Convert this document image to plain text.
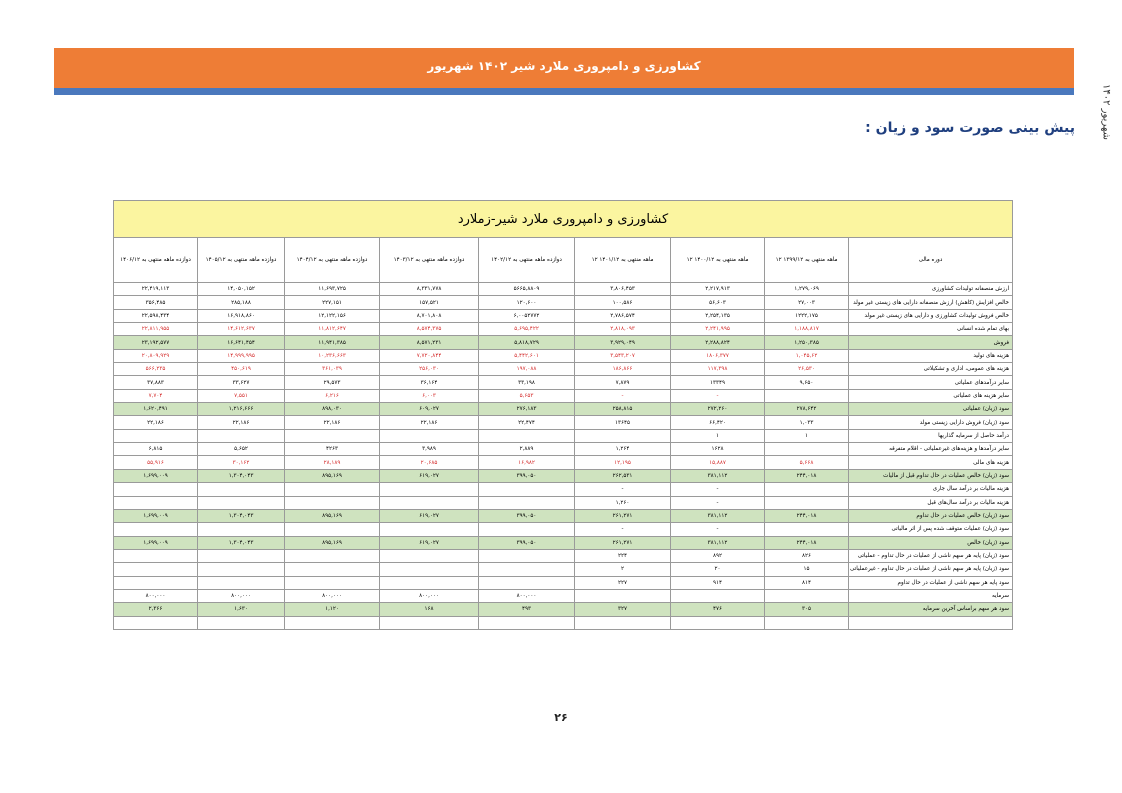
کشاورزی و دامپروری ملارد شیر ۱۴۰۲ شهریور
شهریور ۱۴۰۲
پیش بینی صورت سود و زیان :
کشاورزی و دامپروری ملارد شیر-زملارد								
دوره مالی	ماهه منتهی به ۱۳۹۹/۱۲ ۱۲	ماهه منتهی به ۱۴۰۰/۱۲ ۱۲	ماهه منتهی به ۱۴۰۱/۱۲ ۱۲	دوازده ماهه منتهی به ۱۴۰۲/۱۲	دوازده ماهه منتهی به ۱۴۰۳/۱۲	دوازده ماهه منتهی به ۱۴۰۴/۱۲	دوازده ماهه منتهی به ۱۴۰۵/۱۲	دوازده ماهه منتهی به ۱۴۰۶/۱۲
ارزش منصفانه تولیدات کشاورزی	۱,۲۷۹,۰۶۹	۲,۲۱۷,۹۱۳	۳,۸۰۶,۴۵۳	۵۶۶۵,۸۸۰۹	۸,۳۳۱,۷۷۸	۱۱,۶۹۳,۷۲۵	۱۴,۰۵۰,۱۵۲	۲۲,۴۱۹,۱۱۳
خالص افزایش (کاهش) ارزش منصفانه دارایی های زیستی غیر مولد	۲۷,۰۰۳	۵۶,۶۰۳	۱۰۰,۵۸۶	۱۲۰,۶۰۰	۱۵۷,۵۲۱	۲۲۷,۱۵۱	۲۸۵,۱۸۸	۳۵۶,۴۸۵
خالص فروش تولیدات کشاورزی و دارایی های زیستی غیر مولد	۱۲۲۲,۱۷۵	۲,۲۵۴,۱۳۵	۲,۷۸۶,۵۷۴	۶,۰۰۵۲۷۷۲	۸,۷۰۱,۸۰۸	۱۲,۱۲۲,۱۵۶	۱۶,۹۱۸,۸۶۰	۲۲,۵۹۸,۴۳۴
بهای تمام شده انسانی	۱,۱۸۸,۸۱۷	۲,۲۴۱,۹۹۵	۲,۸۱۸,۰۹۳	۵,۶۹۵,۴۲۲	۸,۵۷۴,۳۷۵	۱۱,۸۱۲,۶۴۷	۱۴,۶۱۲,۶۳۷	۲۲,۸۱۱,۹۵۵
فروش	۱,۲۵۰,۳۸۵	۲,۲۸۸,۸۲۴	۳,۹۲۹,۰۴۹	۵,۸۱۸,۷۲۹	۸,۵۷۱,۲۳۱	۱۱,۹۴۱,۳۸۵	۱۶,۶۴۱,۴۵۴	۲۳,۱۹۲,۵۷۷
هزینه های تولید	۱,۰۴۵,۶۲	۱۸۰۶,۳۷۷	۳,۵۴۳,۲۰۷	۵,۴۴۲,۶۰۱	۷,۷۲۰,۸۴۴	۱۰,۲۳۶,۶۶۳	۱۴,۹۹۹,۹۹۵	۲۰,۸۰۹,۹۲۹
هزینه های عمومی، اداری و تشکیلاتی	۲۶,۵۳۰	۱۱۷,۳۹۸	۱۸۶,۸۶۶	۱۹۷,۰۸۸	۲۵۶,۰۳۰	۳۶۱,۰۳۹	۴۵۰,۶۱۹	۵۶۶,۲۳۵
سایر درآمدهای عملیاتی	۹,۶۵۰	۱۳۳۴۹	۷,۸۷۹	۳۳,۱۹۸	۳۶,۱۶۴	۲۹,۵۷۳	۳۳,۶۲۷	۳۷,۸۸۳
سایر هزینه های عملیاتی		-	-	۵,۶۵۳	۶,۰۰۳	۶,۲۱۶	۷,۵۵۱	۷,۷۰۴
سود (زیان) عملیاتی	۲۷۸,۶۴۲	۲۷۲,۲۶۰	۲۵۸,۸۱۵	۲۷۶,۱۸۳	۶۰۹,۰۲۷	۸۹۸,۰۳۰	۱,۲۱۶,۶۶۶	۱,۶۲۰,۴۹۱
سود (زیان) فروش دارایی زیستی مولد	۱,۰۳۳	۶۶,۴۲۰	۱۳۶۴۵	۲۲,۴۷۴	۲۲,۱۸۶	۲۲,۱۸۶	۲۲,۱۸۶	۲۲,۱۸۶
درآمد حاصل از سرمایه گذاریها	۱	۱						
سایر درآمدها و هزینه‌های غیرعملیاتی - اقلام متفرقه		۱۶۲۸	۱,۲۶۴	۲,۸۸۹	۳,۹۸۹	۴۲۶۳	۵,۶۵۲	۶,۸۱۵
هزینه های مالی	۵,۶۶۸	۱۵,۸۸۷	۱۲,۱۹۵	۱۶,۹۸۲	۲۰,۶۸۵	۲۸,۱۸۹	۳۰,۱۶۲	۵۵,۹۱۶
سود (زیان) خالص عملیات در حال تداوم قبل از مالیات	۲۴۴,۰۱۸	۳۸۱,۱۱۲	۲۶۲,۵۳۱	۳۹۹,۰۵۰	۶۱۹,۰۲۷	۸۹۵,۱۶۹	۱,۳۰۴,۰۴۳	۱,۶۹۹,۰۰۹
هزینه مالیات بر درآمد سال جاری		-	-					
هزینه مالیات بر درآمد سال‌های قبل		-	۱,۲۶۰					
سود (زیان) خالص عملیات در حال تداوم	۲۴۴,۰۱۸	۳۸۱,۱۱۲	۲۶۱,۲۷۱	۳۹۹,۰۵۰	۶۱۹,۰۲۷	۸۹۵,۱۶۹	۱,۳۰۴,۰۴۳	۱,۶۹۹,۰۰۹
سود (زیان) عملیات متوقف شده پس از اثر مالیاتی		-	-					
سود (زیان) خالص	۲۴۴,۰۱۸	۳۸۱,۱۱۲	۲۶۱,۲۷۱	۳۹۹,۰۵۰	۶۱۹,۰۲۷	۸۹۵,۱۶۹	۱,۳۰۴,۰۴۳	۱,۶۹۹,۰۰۹
سود (زیان) پایه هر سهم ناشی از عملیات در حال تداوم - عملیاتی	۸۲۶	۸۹۲	۲۲۴					
سود (زیان) پایه هر سهم ناشی از عملیات در حال تداوم - غیرعملیاتی	۱۵	۲۰	۲					
سود پایه هر سهم ناشی از عملیات در حال تداوم	۸۱۴	۹۱۴	۲۲۷					
سرمایه				۸۰۰,۰۰۰	۸۰۰,۰۰۰	۸۰۰,۰۰۰	۸۰۰,۰۰۰	۸۰۰,۰۰۰
سود هر سهم براساس آخرین سرمایه	۳۰۵	۴۷۶	۳۲۷	۴۹۳	۱۶۸	۱,۱۲۰	۱,۶۳۰	۲,۳۶۶

۲۶
